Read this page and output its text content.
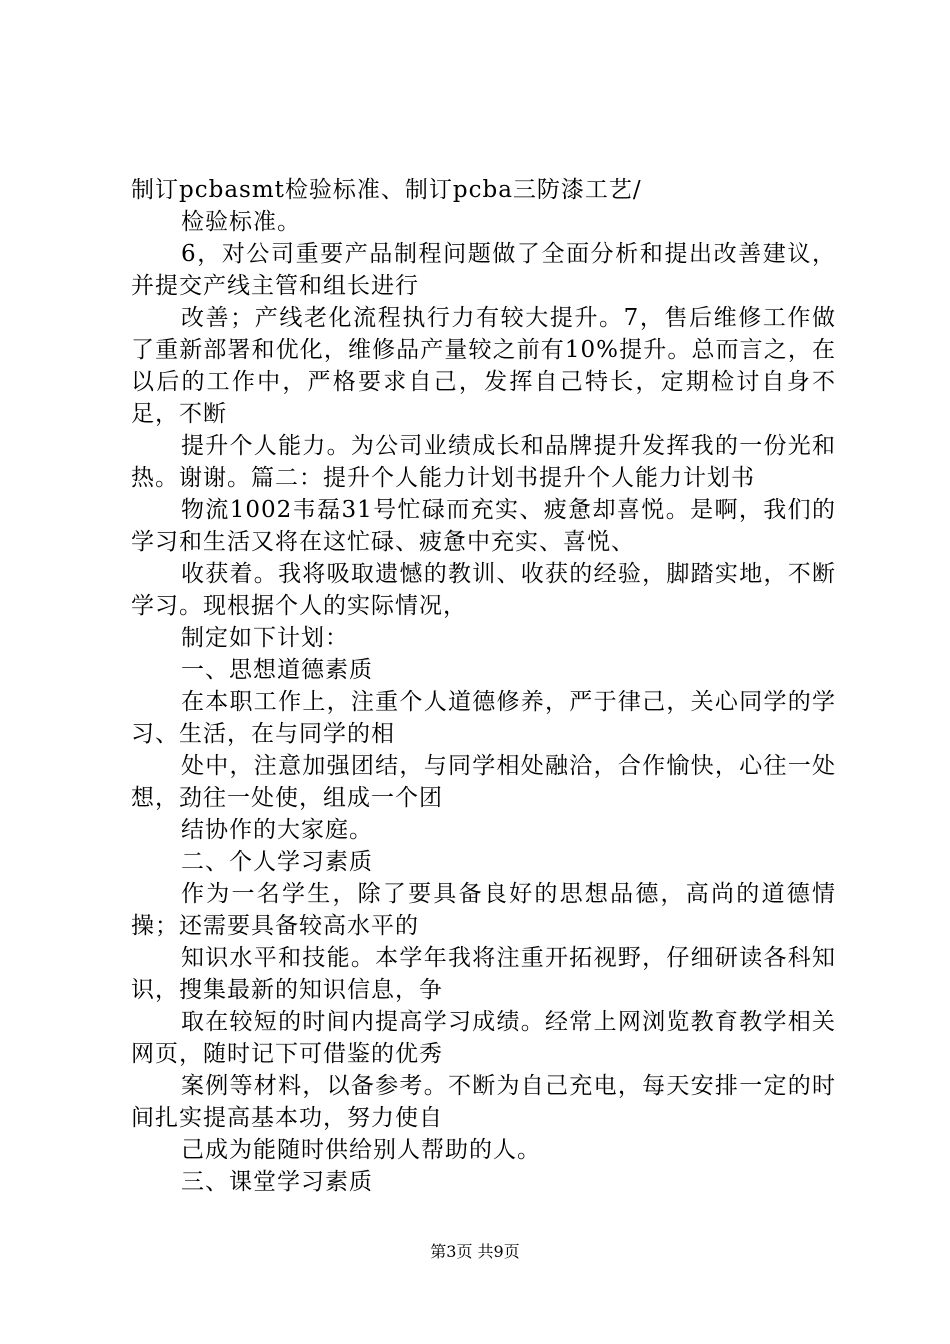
制订pcbasmt检验标准、制订pcba三防漆工艺/

检验标准。

6，对公司重要产品制程问题做了全面分析和提出改善建议，并提交产线主管和组长进行

改善；产线老化流程执行力有较大提升。7，售后维修工作做了重新部署和优化，维修品产量较之前有10%提升。总而言之，在以后的工作中，严格要求自己，发挥自己特长，定期检讨自身不足，不断

提升个人能力。为公司业绩成长和品牌提升发挥我的一份光和热。谢谢。篇二：提升个人能力计划书提升个人能力计划书

物流1002韦磊31号忙碌而充实、疲惫却喜悦。是啊，我们的学习和生活又将在这忙碌、疲惫中充实、喜悦、

收获着。我将吸取遗憾的教训、收获的经验，脚踏实地，不断学习。现根据个人的实际情况，

制定如下计划：

一、思想道德素质

在本职工作上，注重个人道德修养，严于律己，关心同学的学习、生活，在与同学的相

处中，注意加强团结，与同学相处融洽，合作愉快，心往一处想，劲往一处使，组成一个团

结协作的大家庭。

二、个人学习素质

作为一名学生，除了要具备良好的思想品德，高尚的道德情操；还需要具备较高水平的

知识水平和技能。本学年我将注重开拓视野，仔细研读各科知识，搜集最新的知识信息，争

取在较短的时间内提高学习成绩。经常上网浏览教育教学相关网页，随时记下可借鉴的优秀

案例等材料，以备参考。不断为自己充电，每天安排一定的时间扎实提高基本功，努力使自

己成为能随时供给别人帮助的人。

三、课堂学习素质

第3页 共9页
